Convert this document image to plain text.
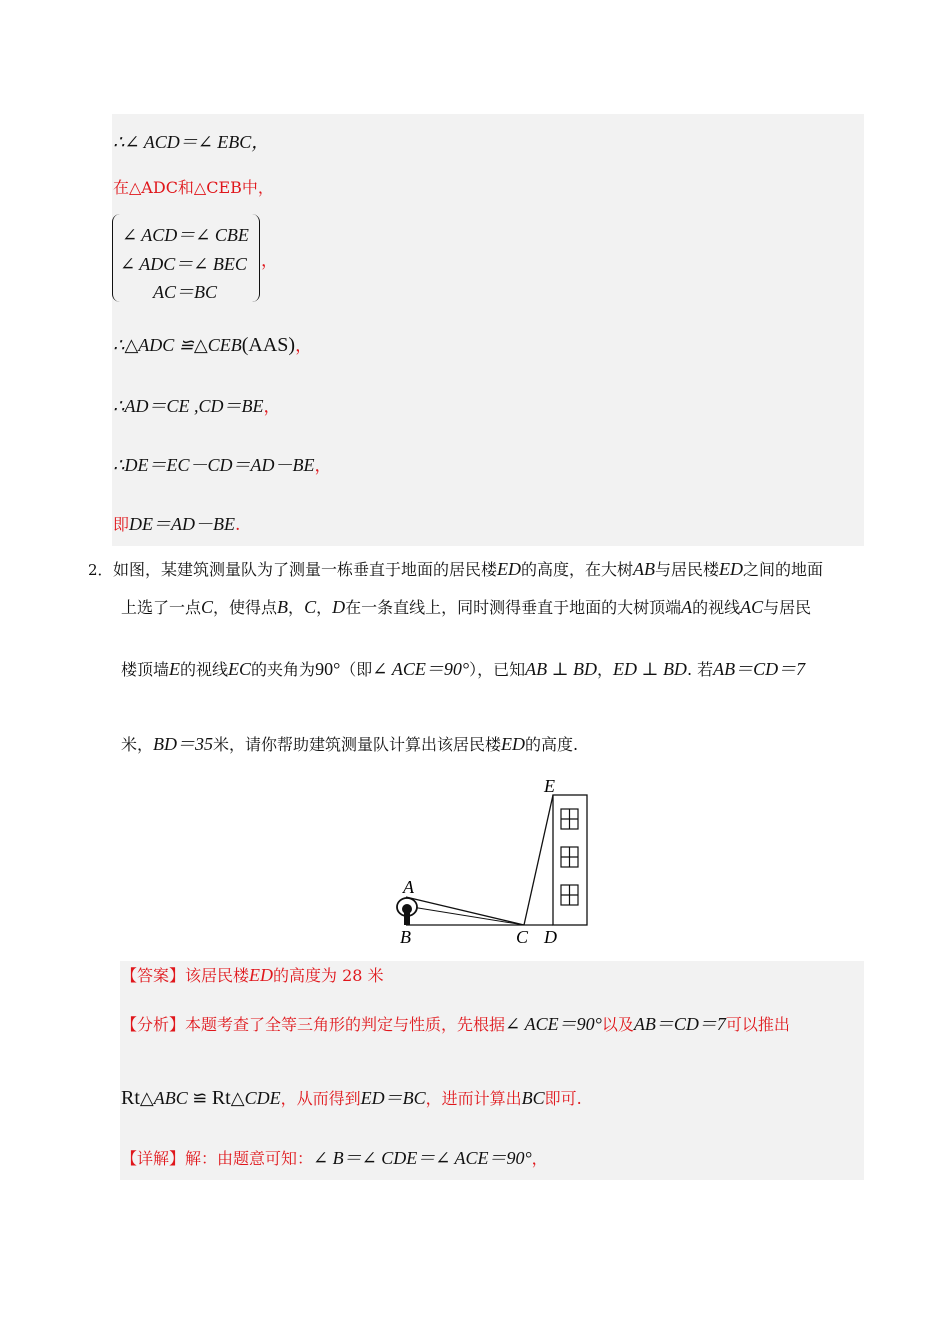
∴∠ ACD＝∠ EBC，
在△ADC和△CEB中，
∠ ACD＝∠ CBE
∠ ADC＝∠ BEC
AC＝BC
，
∴△ADC ≌△CEB(AAS)，
∴AD＝CE ,CD＝BE，
∴DE＝EC－CD＝AD－BE，
即DE＝AD－BE.
2． 如图，某建筑测量队为了测量一栋垂直于地面的居民楼ED的高度，在大树AB与居民楼ED之间的地面
上选了一点C，使得点B，C，D在一条直线上，同时测得垂直于地面的大树顶端A的视线AC与居民
楼顶墙E的视线EC的夹角为90°（即∠ ACE＝90°），已知AB ⊥ BD，ED ⊥ BD. 若AB＝CD＝7
米，BD＝35米，请你帮助建筑测量队计算出该居民楼ED的高度.
A
B	C D
E
【答案】该居民楼ED的高度为 28 米
【分析】本题考查了全等三角形的判定与性质，先根据∠ ACE＝90°以及AB＝CD＝7可以推出
Rt△ABC ≌ Rt△CDE，从而得到ED＝BC，进而计算出BC即可.
【详解】解：由题意可知：∠ B＝∠ CDE＝∠ ACE＝90°，
